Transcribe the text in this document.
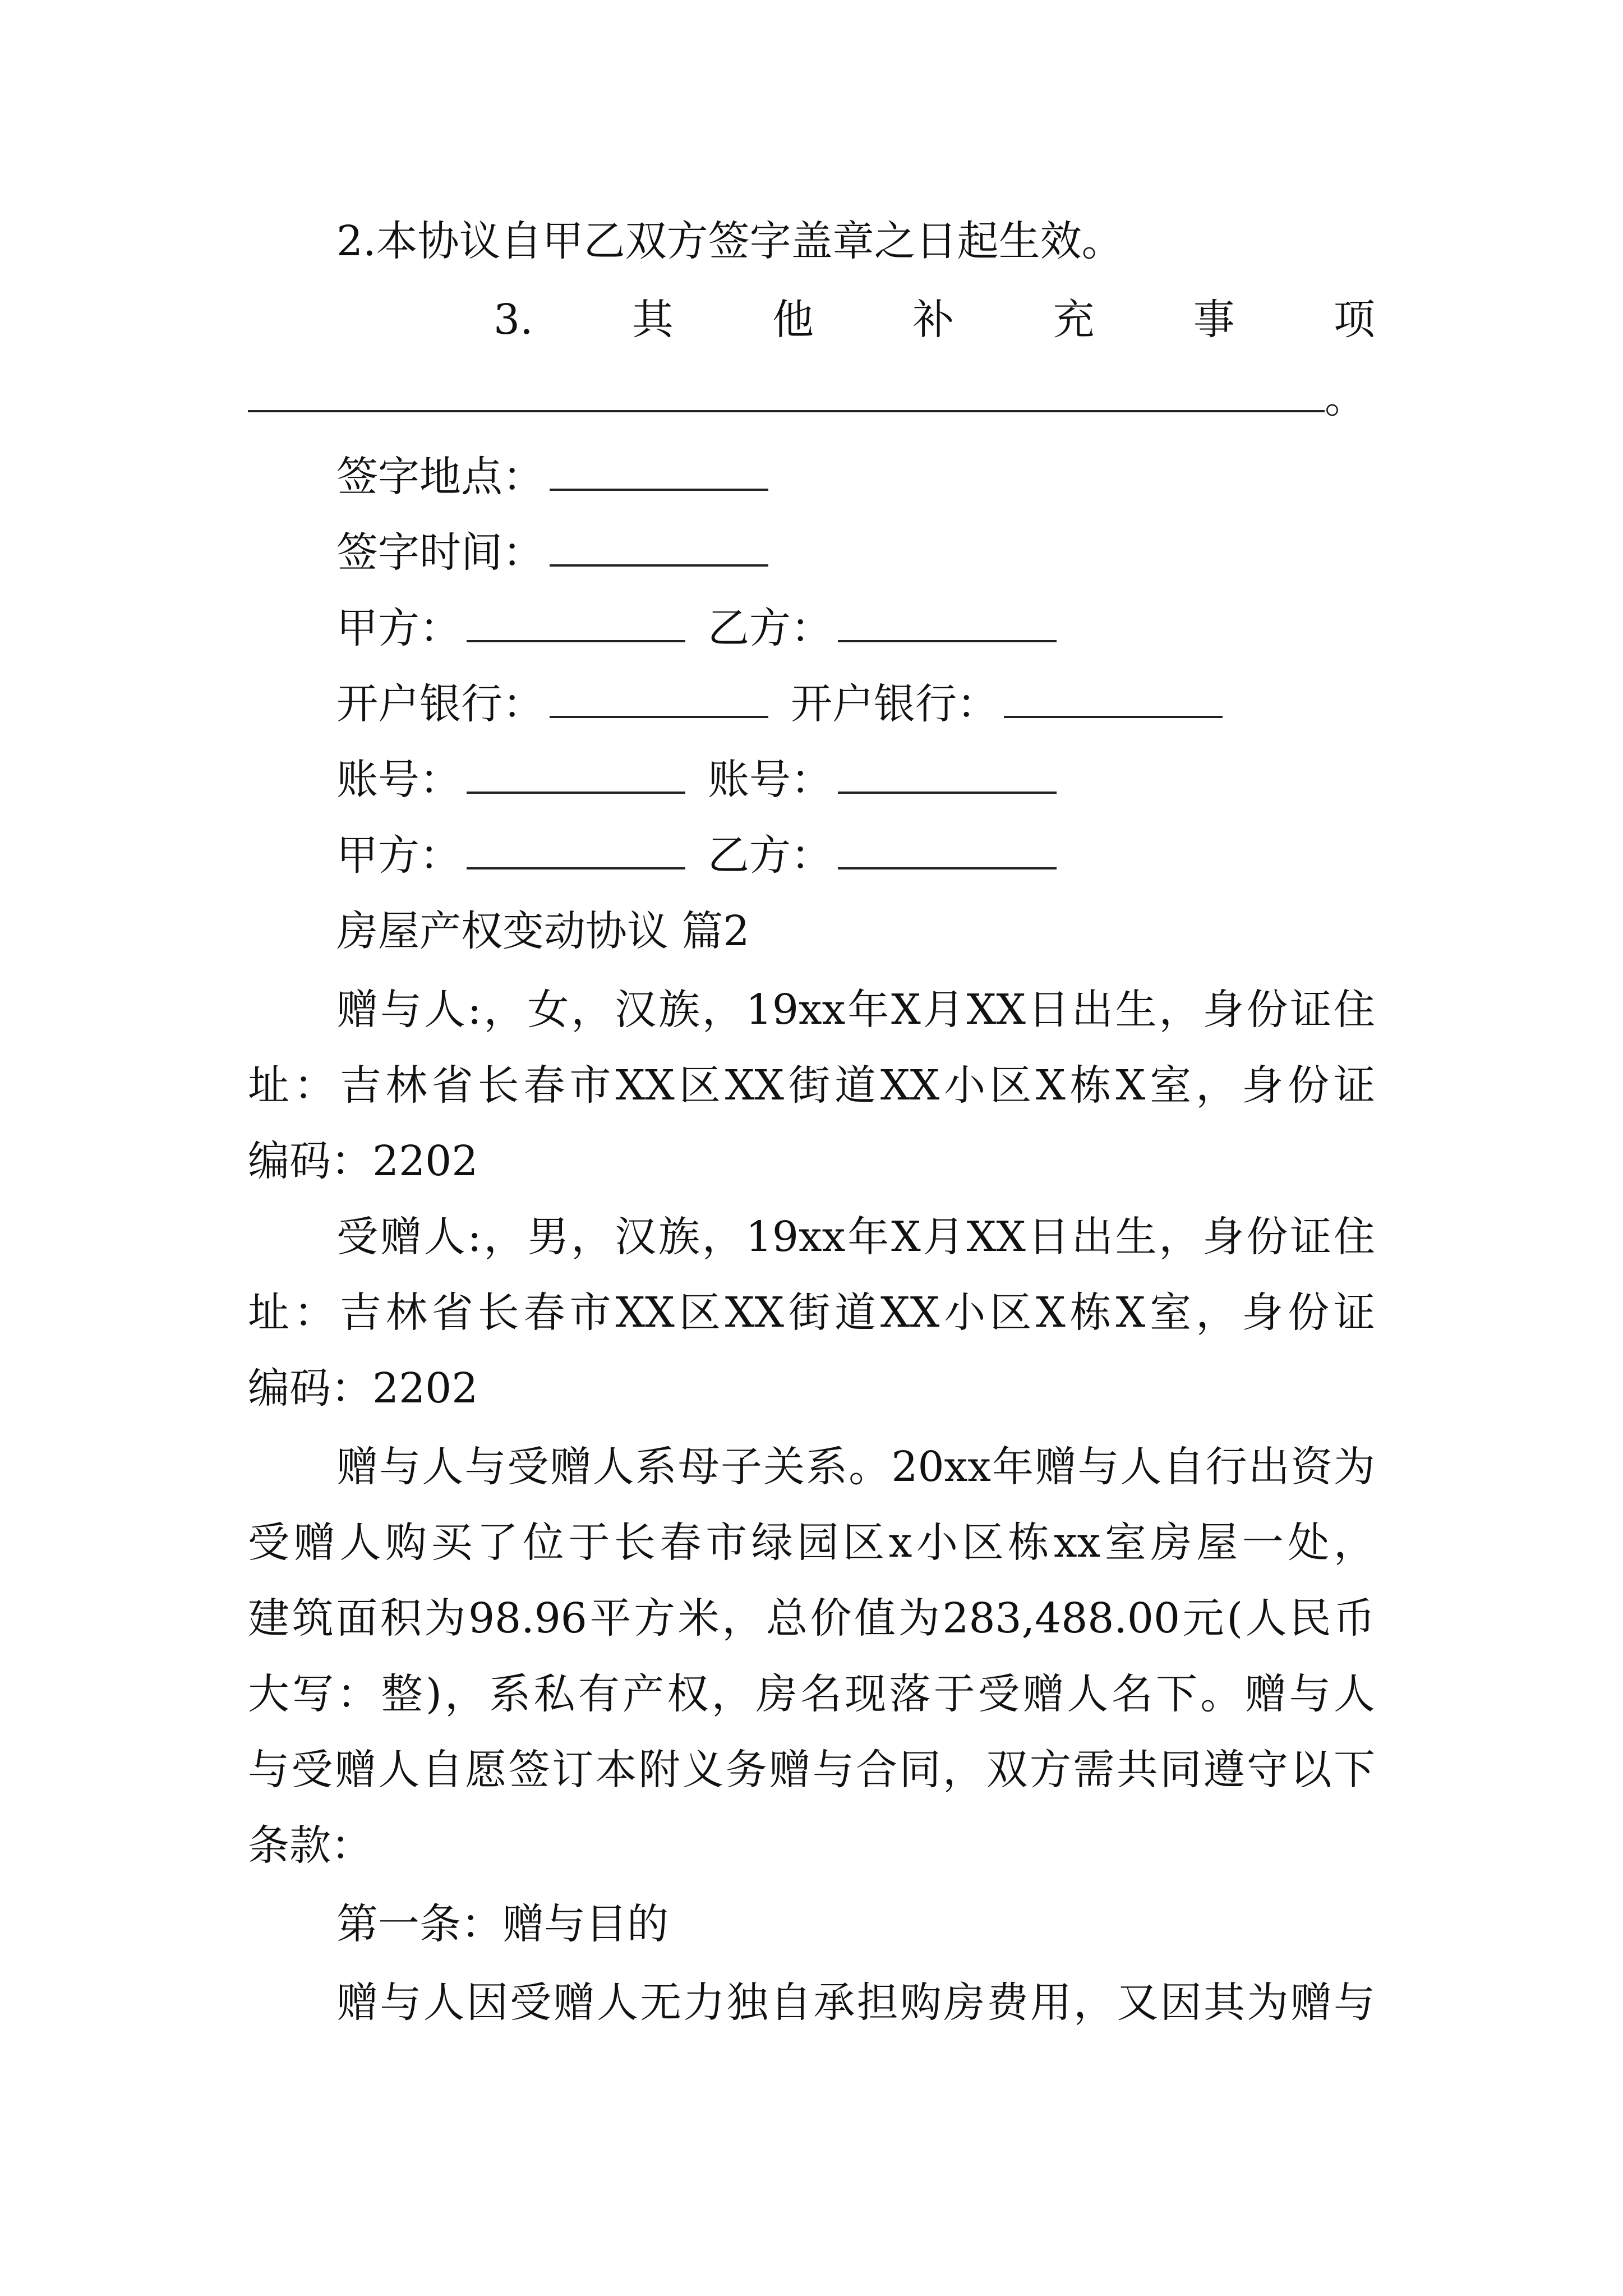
2.本协议自甲乙双方签字盖章之日起生效。
3. 其 他 补 充 事 项
。
签字地点：
签字时间：
甲方：	乙方：
开户银行：	开户银行：
账号：	账号：
甲方：	乙方：
房屋产权变动协议 篇2
赠与人:，女，汉族，19xx年X月XX日出生，身份证住
址：吉林省长春市XX区XX街道XX小区X栋X室，身份证
编码：2202
受赠人:，男，汉族，19xx年X月XX日出生，身份证住
址：吉林省长春市XX区XX街道XX小区X栋X室，身份证
编码：2202
赠与人与受赠人系母子关系。20xx年赠与人自行出资为
受赠人购买了位于长春市绿园区x小区栋xx室房屋一处，
建筑面积为98.96平方米，总价值为283,488.00元(人民币
大写：整)，系私有产权，房名现落于受赠人名下。赠与人
与受赠人自愿签订本附义务赠与合同，双方需共同遵守以下
条款：
第一条：赠与目的
赠与人因受赠人无力独自承担购房费用，又因其为赠与
